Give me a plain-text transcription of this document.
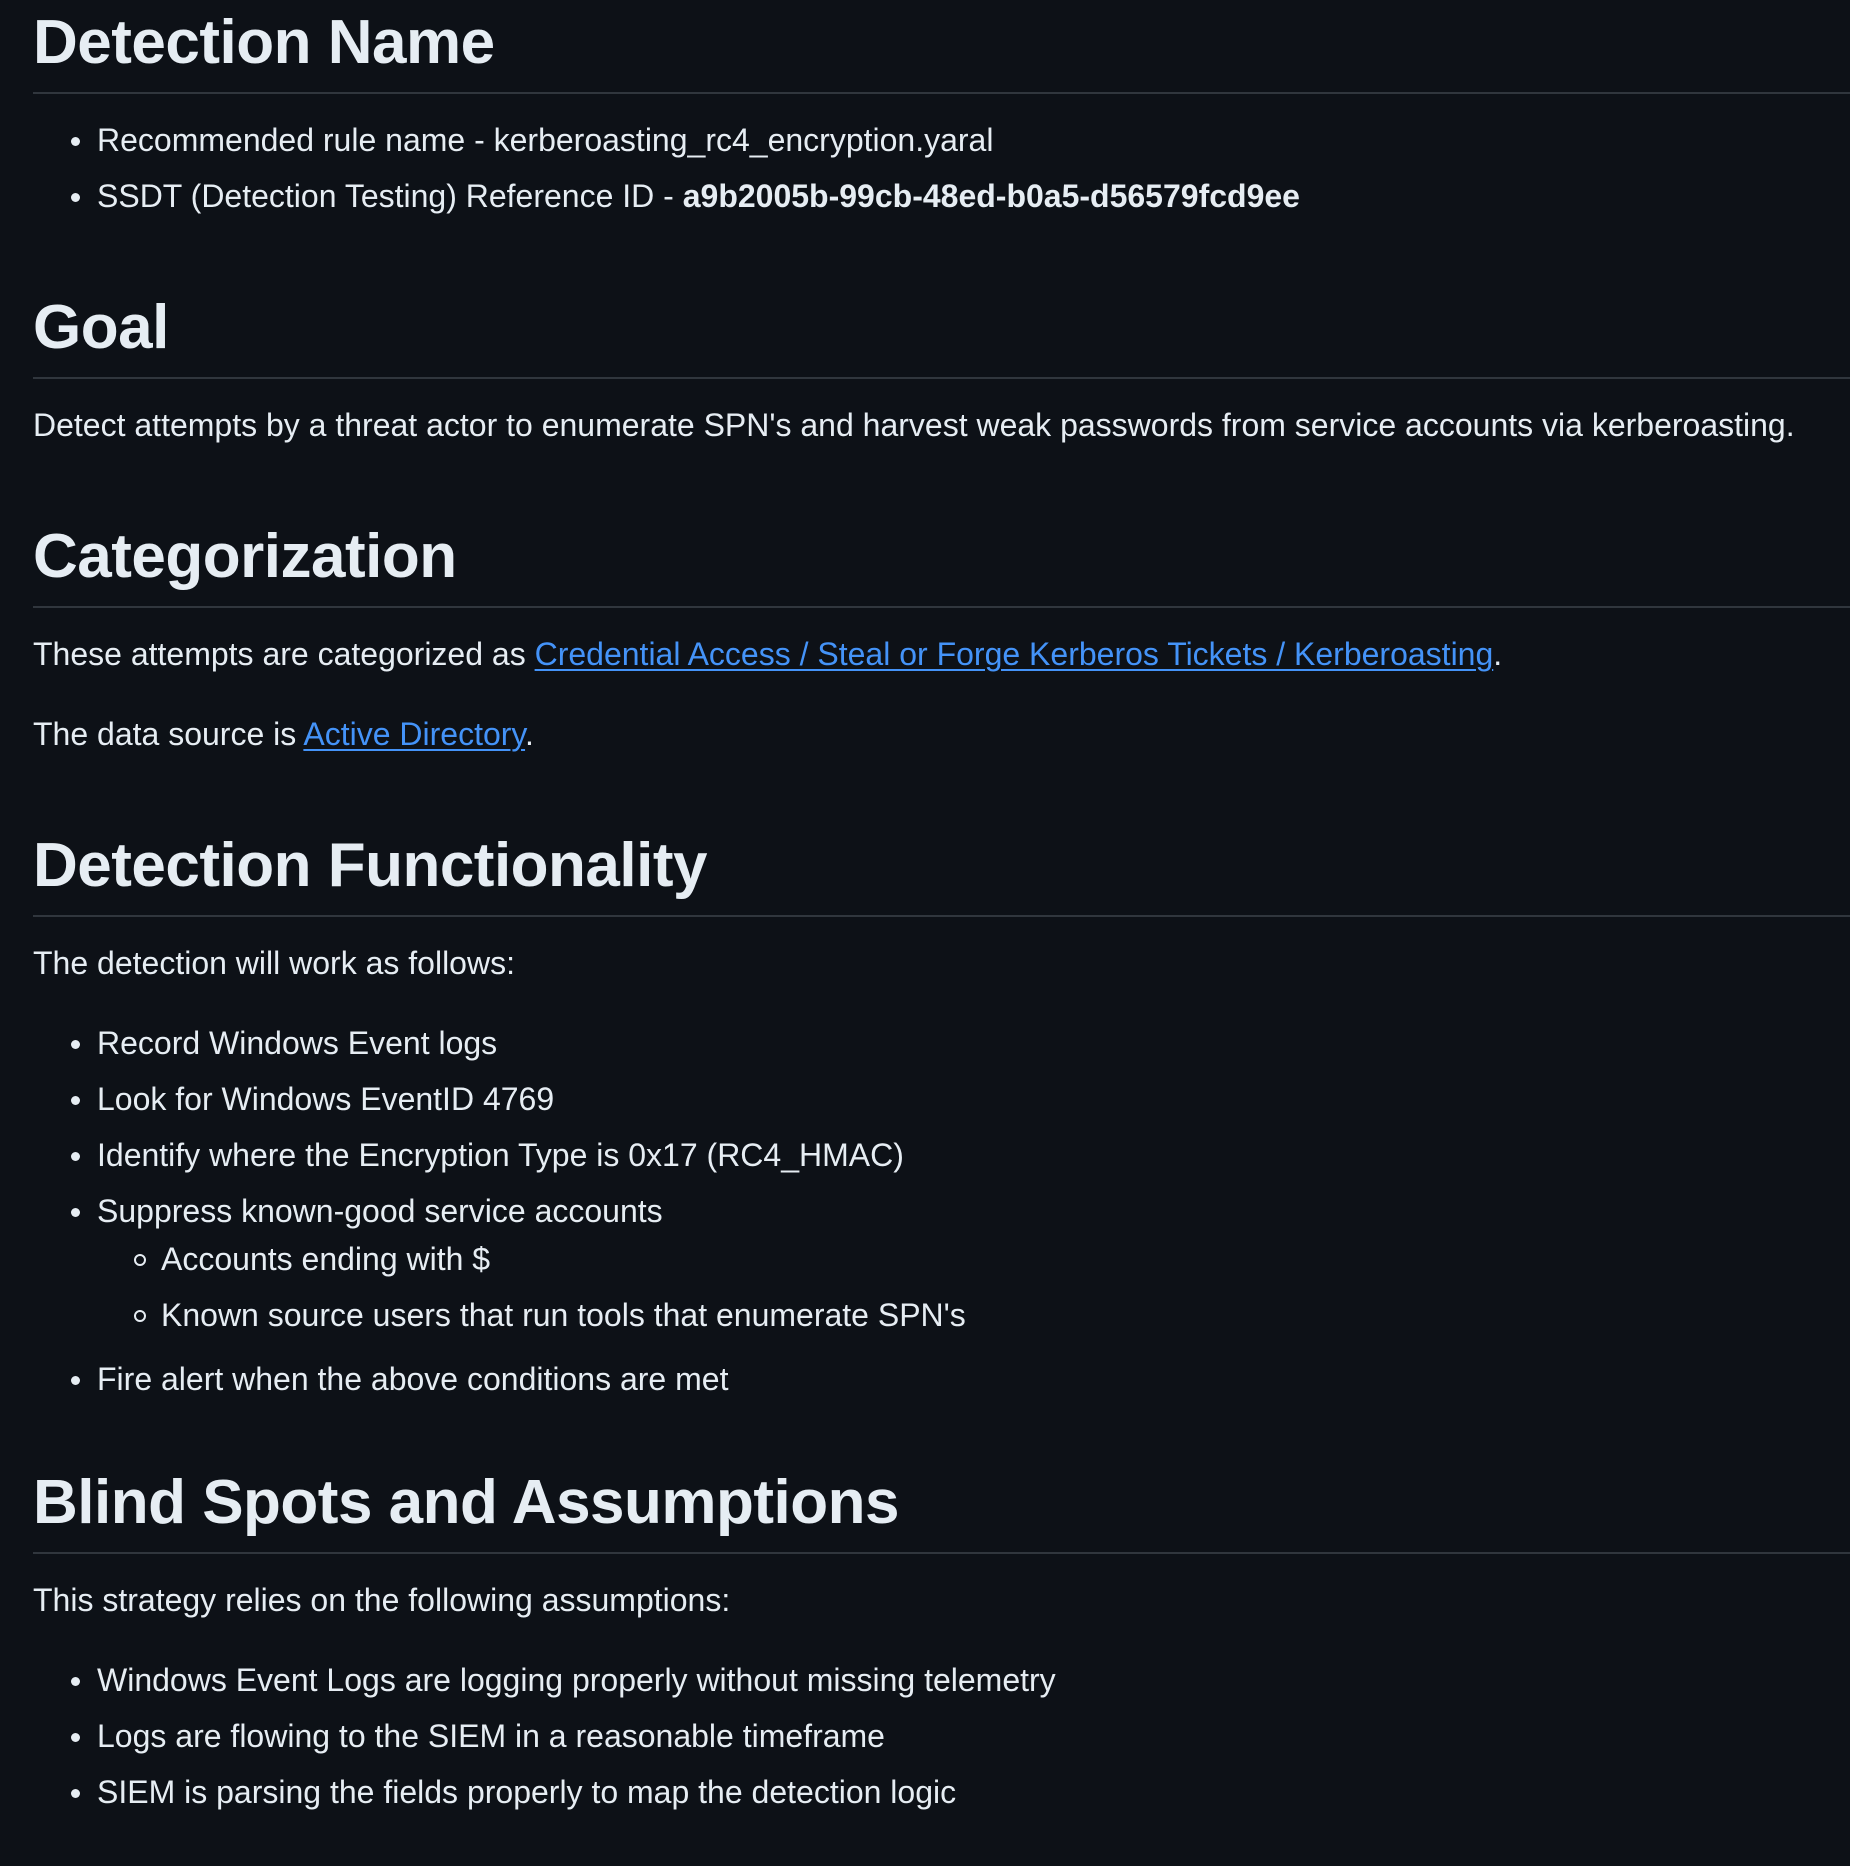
Detection Name
Recommended rule name - kerberoasting_rc4_encryption.yaral
SSDT (Detection Testing) Reference ID - a9b2005b-99cb-48ed-b0a5-d56579fcd9ee
Goal

Detect attempts by a threat actor to enumerate SPN's and harvest weak passwords from service accounts via kerberoasting.

Categorization

These attempts are categorized as Credential Access / Steal or Forge Kerberos Tickets / Kerberoasting.

The data source is Active Directory.

Detection Functionality

The detection will work as follows:

Record Windows Event logs
Look for Windows EventID 4769
Identify where the Encryption Type is 0x17 (RC4_HMAC)
Suppress known-good service accounts
Accounts ending with $
Known source users that run tools that enumerate SPN's
Fire alert when the above conditions are met
Blind Spots and Assumptions

This strategy relies on the following assumptions:

Windows Event Logs are logging properly without missing telemetry
Logs are flowing to the SIEM in a reasonable timeframe
SIEM is parsing the fields properly to map the detection logic
